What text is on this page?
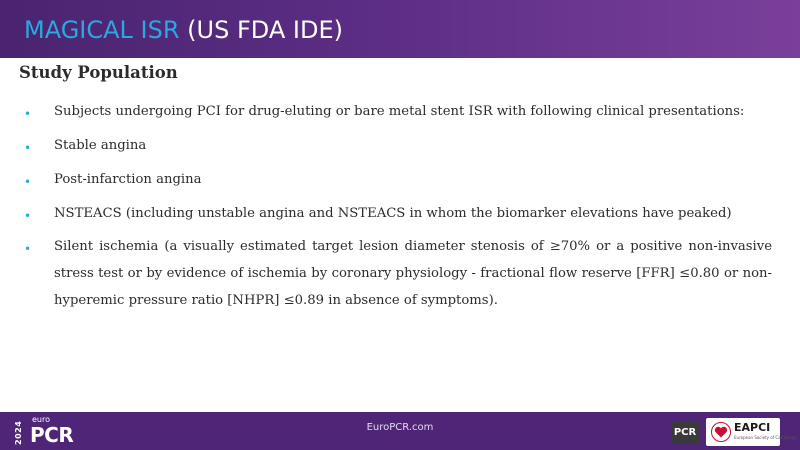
MAGICAL ISR (US FDA IDE)
Study Population
• Subjects undergoing PCI for drug-eluting or bare metal stent ISR with following clinical presentations:
• Stable angina
• Post-infarction angina
• NSTEACS (including unstable angina and NSTEACS in whom the biomarker elevations have peaked)
• Silent ischemia (a visually estimated target lesion diameter stenosis of ≥70% or a positive non-invasive stress test or by evidence of ischemia by coronary physiology - fractional flow reserve [FFR] ≤0.80 or non-hyperemic pressure ratio [NHPR] ≤0.89 in absence of symptoms).
2024
euro
PCR	EuroPCR.com	PCR	EAPCI
European Society of Cardiology
